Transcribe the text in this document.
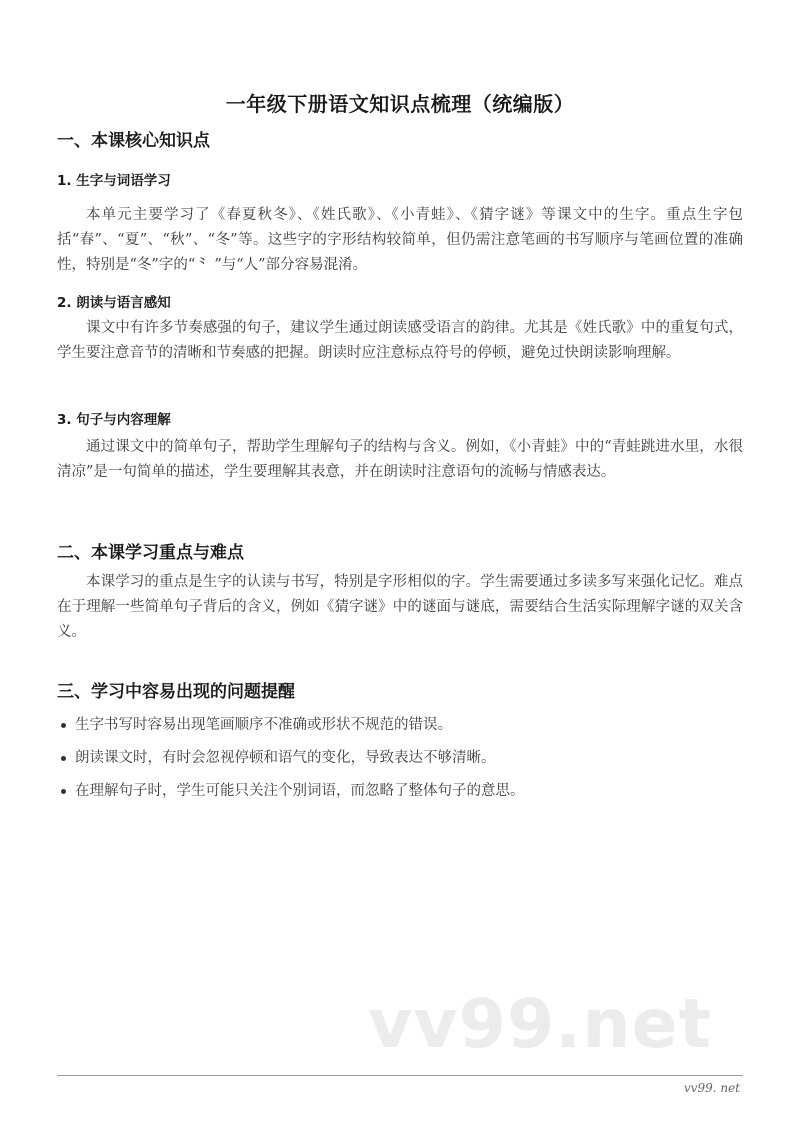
一年级下册语文知识点梳理（统编版）
一、本课核心知识点
1. 生字与词语学习

本单元主要学习了《春夏秋冬》、《姓氏歌》、《小青蛙》、《猜字谜》等课文中的生字。重点生字包括“春”、“夏”、“秋”、“冬”等。这些字的字形结构较简单，但仍需注意笔画的书写顺序与笔画位置的准确性，特别是“冬”字的“⺀ ”与“人”部分容易混淆。

2. 朗读与语言感知

课文中有许多节奏感强的句子，建议学生通过朗读感受语言的韵律。尤其是《姓氏歌》中的重复句式，学生要注意音节的清晰和节奏感的把握。朗读时应注意标点符号的停顿，避免过快朗读影响理解。

3. 句子与内容理解

通过课文中的简单句子，帮助学生理解句子的结构与含义。例如，《小青蛙》中的“青蛙跳进水里，水很清凉”是一句简单的描述，学生要理解其表意，并在朗读时注意语句的流畅与情感表达。

二、本课学习重点与难点

本课学习的重点是生字的认读与书写，特别是字形相似的字。学生需要通过多读多写来强化记忆。难点在于理解一些简单句子背后的含义，例如《猜字谜》中的谜面与谜底，需要结合生活实际理解字谜的双关含义。

三、学习中容易出现的问题提醒
生字书写时容易出现笔画顺序不准确或形状不规范的错误。
朗读课文时，有时会忽视停顿和语气的变化，导致表达不够清晰。
在理解句子时，学生可能只关注个别词语，而忽略了整体句子的意思。
vv99.net
vv99. net
